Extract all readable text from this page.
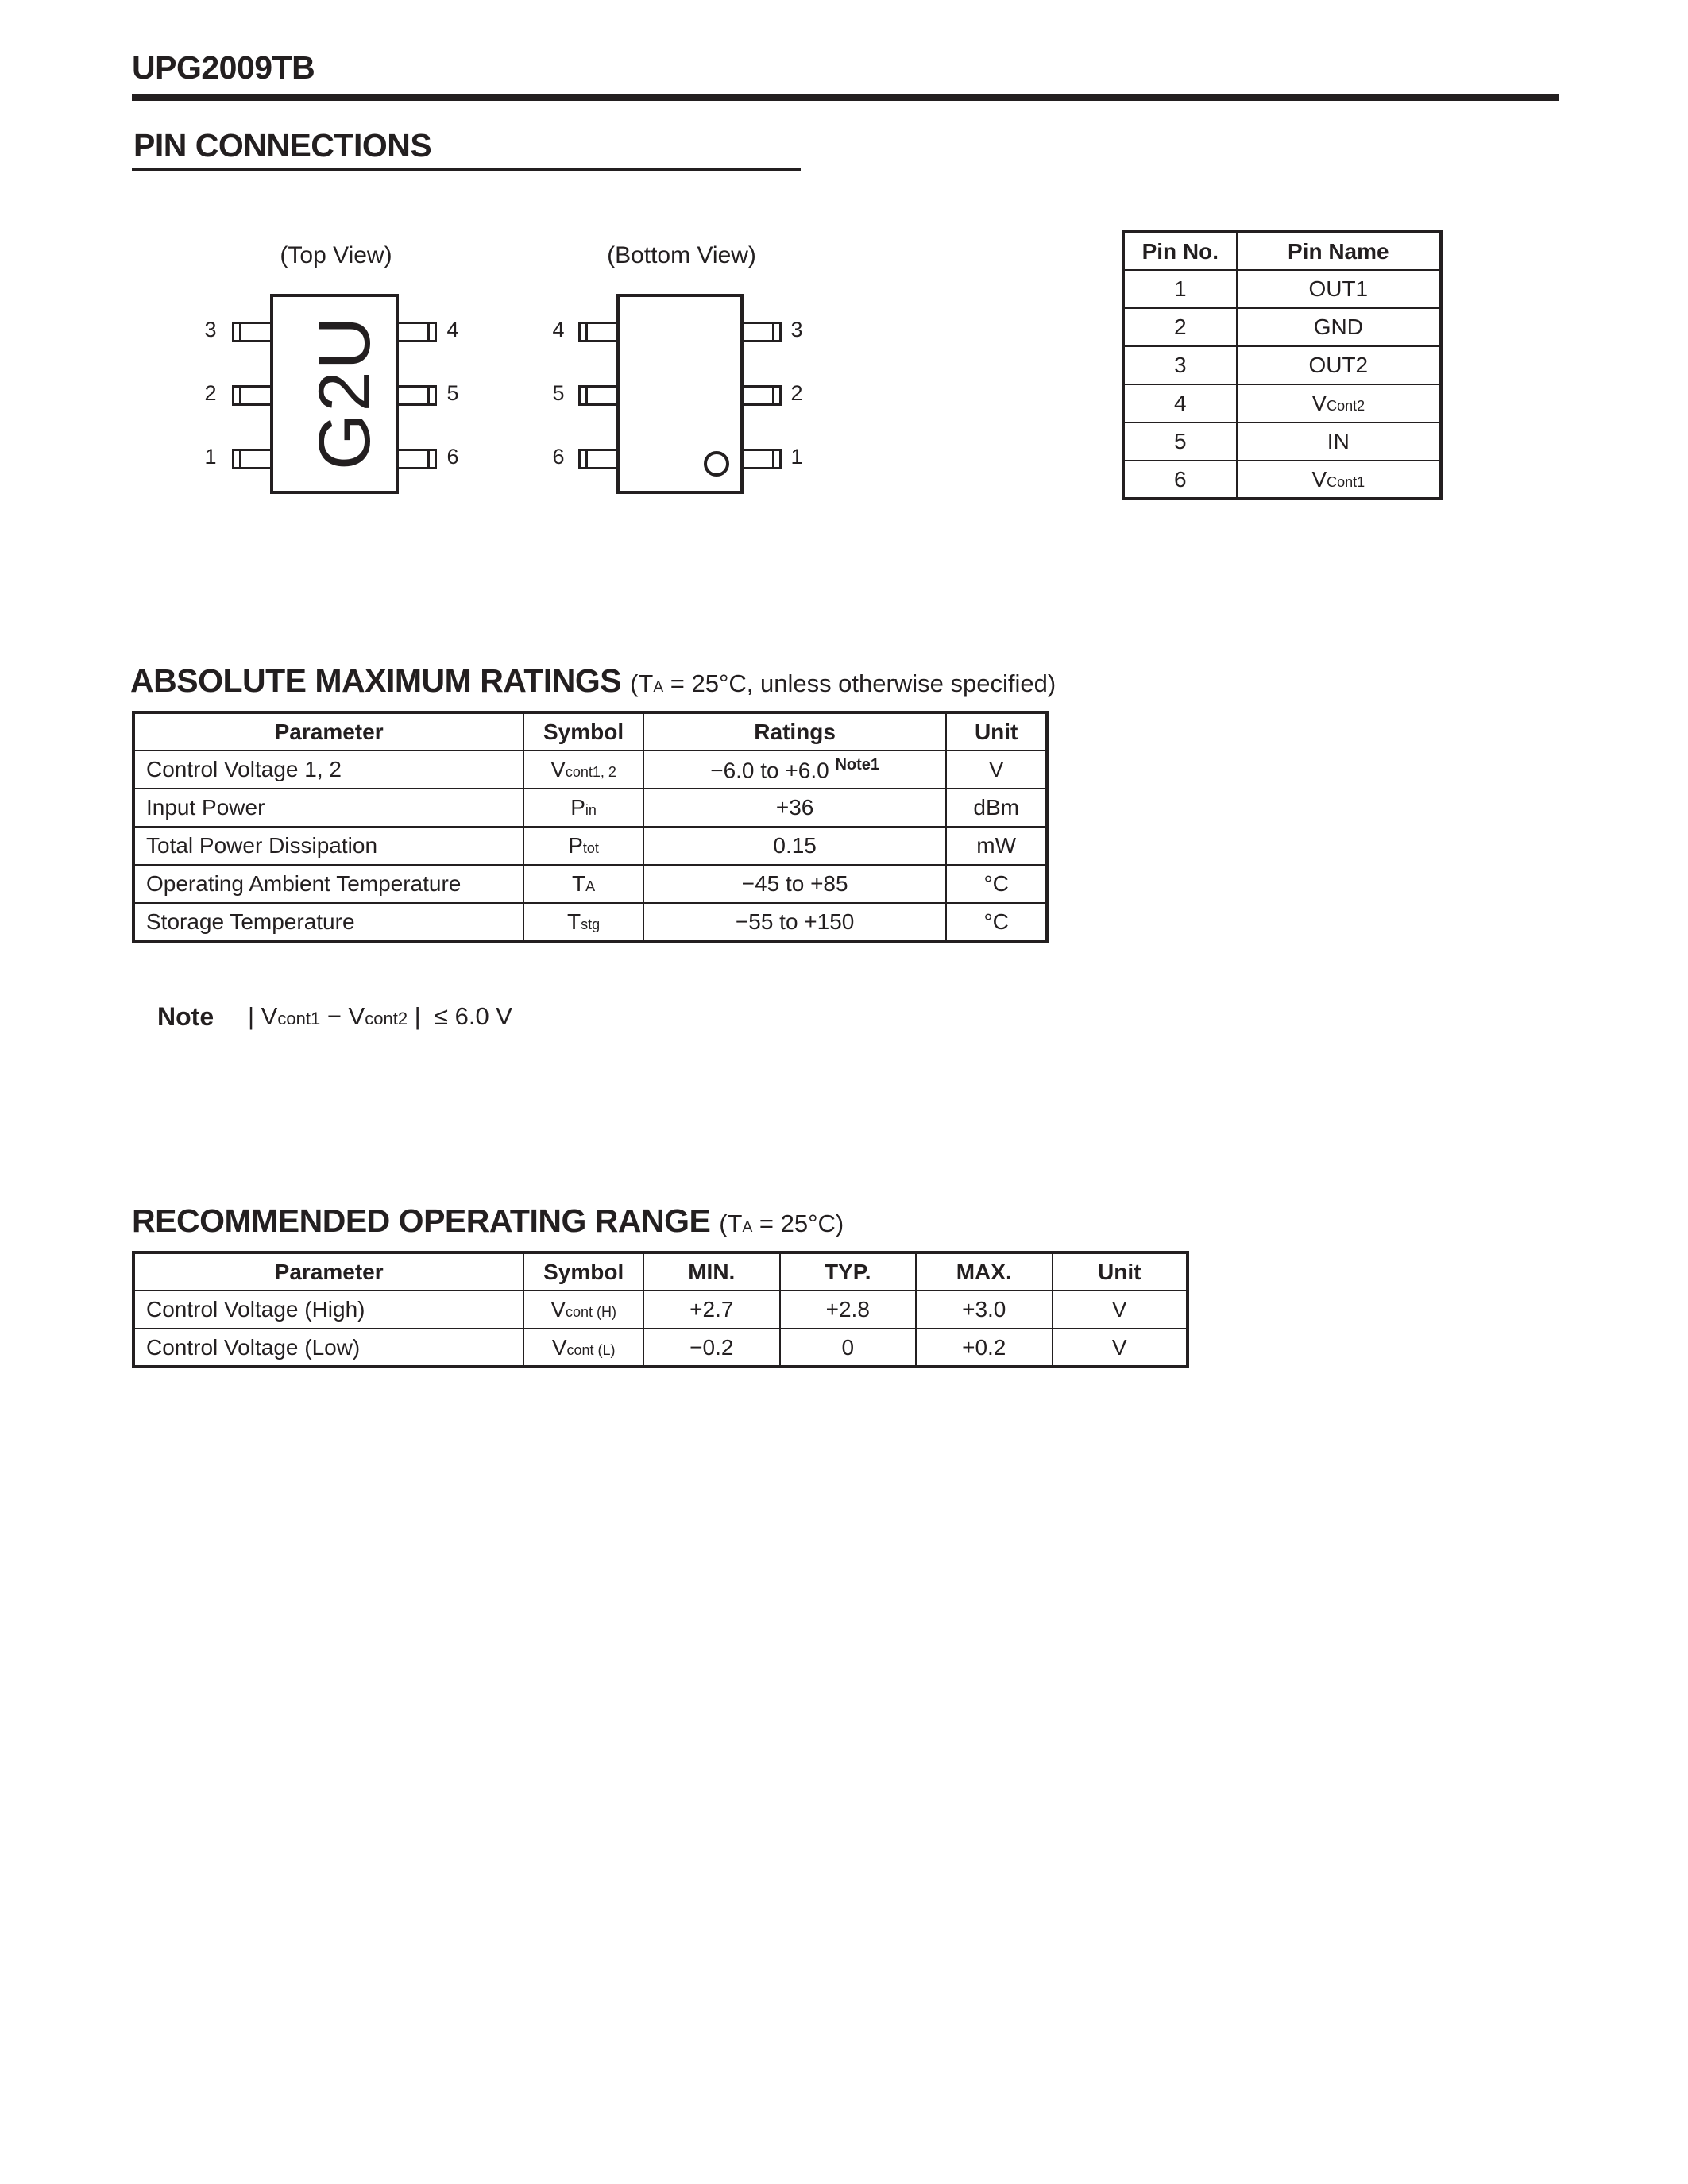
UPG2009TB
PIN CONNECTIONS
(Top View)
G2U
3
2
1
4
5
6
(Bottom View)
4
5
6
3
2
1
Pin No.	Pin Name
1	OUT1
2	GND
3	OUT2
4	VCont2
5	IN
6	VCont1
ABSOLUTE MAXIMUM RATINGS (TA = 25°C, unless otherwise specified)
Parameter	Symbol	Ratings	Unit
Control Voltage 1, 2	Vcont1, 2	−6.0 to +6.0 $^{Note1}$	V
Input Power	Pin	+36	dBm
Total Power Dissipation	Ptot	0.15	mW
Operating Ambient Temperature	TA	−45 to +85	°C
Storage Temperature	Tstg	−55 to +150	°C
Note | Vcont1 − Vcont2 |  ≤ 6.0 V
RECOMMENDED OPERATING RANGE (TA = 25°C)
Parameter	Symbol	MIN.	TYP.	MAX.	Unit
Control Voltage (High)	Vcont (H)	+2.7	+2.8	+3.0	V
Control Voltage (Low)	Vcont (L)	−0.2	0	+0.2	V
